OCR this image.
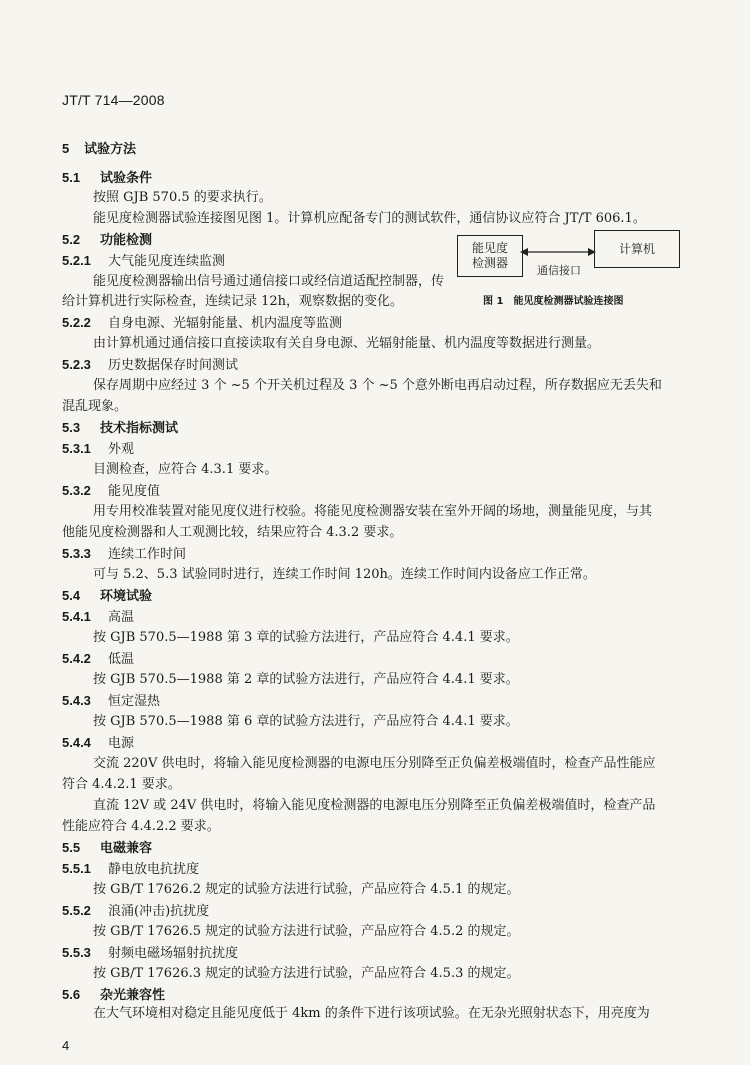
JT/T 714—2008
5 试验方法
5.1 试验条件
按照 GJB 570.5 的要求执行。
能见度检测器试验连接图见图 1。计算机应配备专门的测试软件，通信协议应符合 JT/T 606.1。
5.2 功能检测
5.2.1 大气能见度连续监测
能见度检测器输出信号通过通信接口或经信道适配控制器，传
给计算机进行实际检查，连续记录 12h，观察数据的变化。
能见度
检测器
计算机
通信接口
图 1　能见度检测器试验连接图
5.2.2 自身电源、光辐射能量、机内温度等监测
由计算机通过通信接口直接读取有关自身电源、光辐射能量、机内温度等数据进行测量。
5.2.3 历史数据保存时间测试
保存周期中应经过 3 个 ~5 个开关机过程及 3 个 ~5 个意外断电再启动过程，所存数据应无丢失和
混乱现象。
5.3 技术指标测试
5.3.1 外观
目测检查，应符合 4.3.1 要求。
5.3.2 能见度值
用专用校准装置对能见度仪进行校验。将能见度检测器安装在室外开阔的场地，测量能见度，与其
他能见度检测器和人工观测比较，结果应符合 4.3.2 要求。
5.3.3 连续工作时间
可与 5.2、5.3 试验同时进行，连续工作时间 120h。连续工作时间内设备应工作正常。
5.4 环境试验
5.4.1 高温
按 GJB 570.5—1988 第 3 章的试验方法进行，产品应符合 4.4.1 要求。
5.4.2 低温
按 GJB 570.5—1988 第 2 章的试验方法进行，产品应符合 4.4.1 要求。
5.4.3 恒定湿热
按 GJB 570.5—1988 第 6 章的试验方法进行，产品应符合 4.4.1 要求。
5.4.4 电源
交流 220V 供电时，将输入能见度检测器的电源电压分别降至正负偏差极端值时，检查产品性能应
符合 4.4.2.1 要求。
直流 12V 或 24V 供电时，将输入能见度检测器的电源电压分别降至正负偏差极端值时，检查产品
性能应符合 4.4.2.2 要求。
5.5 电磁兼容
5.5.1 静电放电抗扰度
按 GB/T 17626.2 规定的试验方法进行试验，产品应符合 4.5.1 的规定。
5.5.2 浪涌(冲击)抗扰度
按 GB/T 17626.5 规定的试验方法进行试验，产品应符合 4.5.2 的规定。
5.5.3 射频电磁场辐射抗扰度
按 GB/T 17626.3 规定的试验方法进行试验，产品应符合 4.5.3 的规定。
4
5.6 杂光兼容性
在大气环境相对稳定且能见度低于 4km 的条件下进行该项试验。在无杂光照射状态下，用亮度为
